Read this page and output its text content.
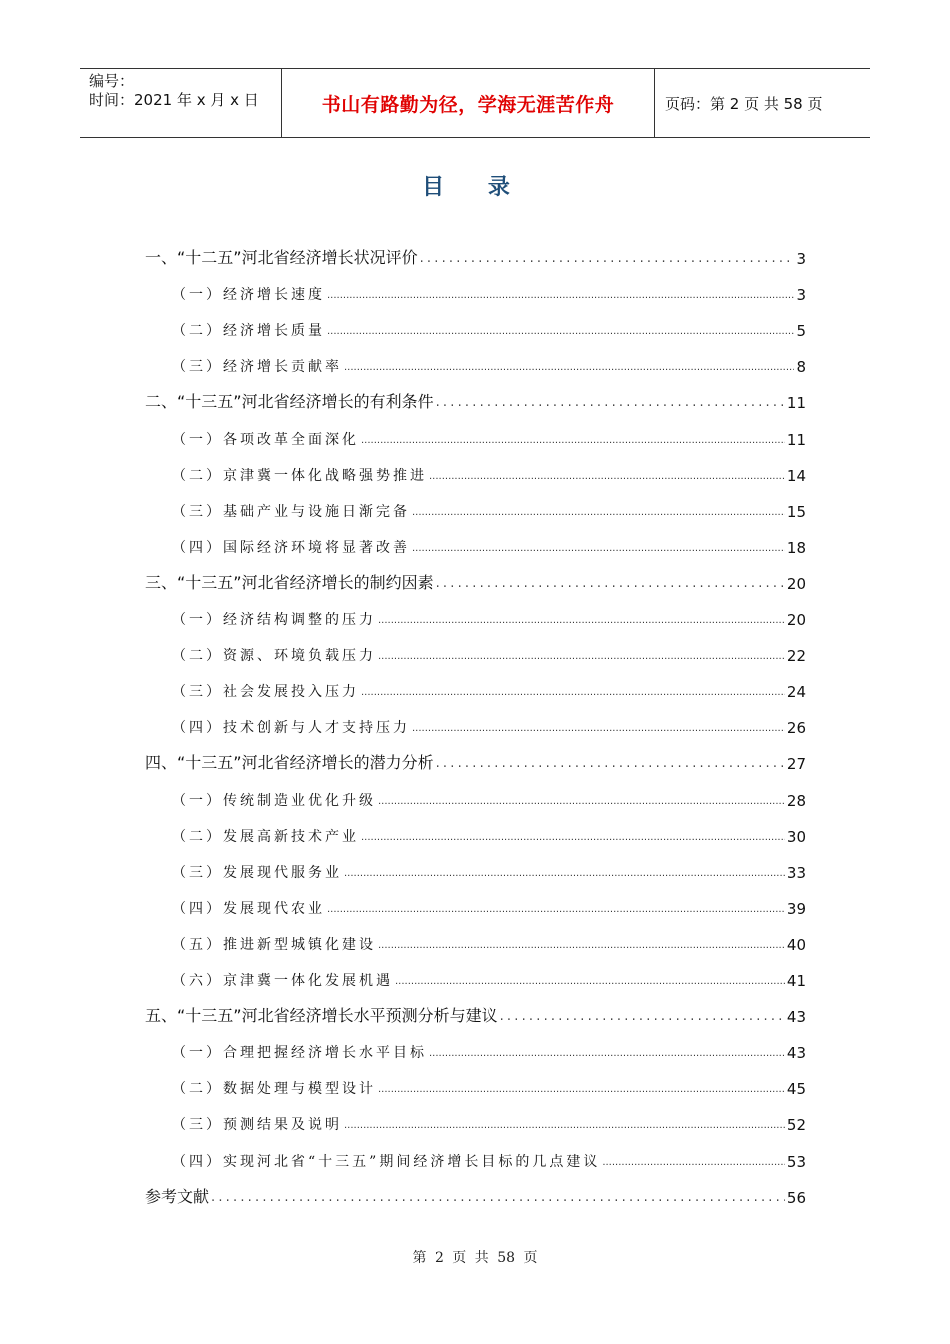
编号：
时间：2021 年 x 月 x 日	书山有路勤为径，学海无涯苦作舟	页码：第 2 页 共 58 页
目 录
一、“十二五”河北省经济增长状况评价 .....	3
（一）经济增长速度 .....	3
（二）经济增长质量 .....	5
（三）经济增长贡献率 .....	8
二、“十三五”河北省经济增长的有利条件 .....	11
（一）各项改革全面深化 .....	11
（二）京津冀一体化战略强势推进 .....	14
（三）基础产业与设施日渐完备 .....	15
（四）国际经济环境将显著改善 .....	18
三、“十三五”河北省经济增长的制约因素 .....	20
（一）经济结构调整的压力 .....	20
（二）资源、环境负载压力 .....	22
（三）社会发展投入压力 .....	24
（四）技术创新与人才支持压力 .....	26
四、“十三五”河北省经济增长的潜力分析 .....	27
（一）传统制造业优化升级 .....	28
（二）发展高新技术产业 .....	30
（三）发展现代服务业 .....	33
（四）发展现代农业 .....	39
（五）推进新型城镇化建设 .....	40
（六）京津冀一体化发展机遇 .....	41
五、“十三五”河北省经济增长水平预测分析与建议 .....	43
（一）合理把握经济增长水平目标 .....	43
（二）数据处理与模型设计 .....	45
（三）预测结果及说明 .....	52
（四）实现河北省“十三五”期间经济增长目标的几点建议 .....	53
参考文献 .....	56
第 2 页 共 58 页
